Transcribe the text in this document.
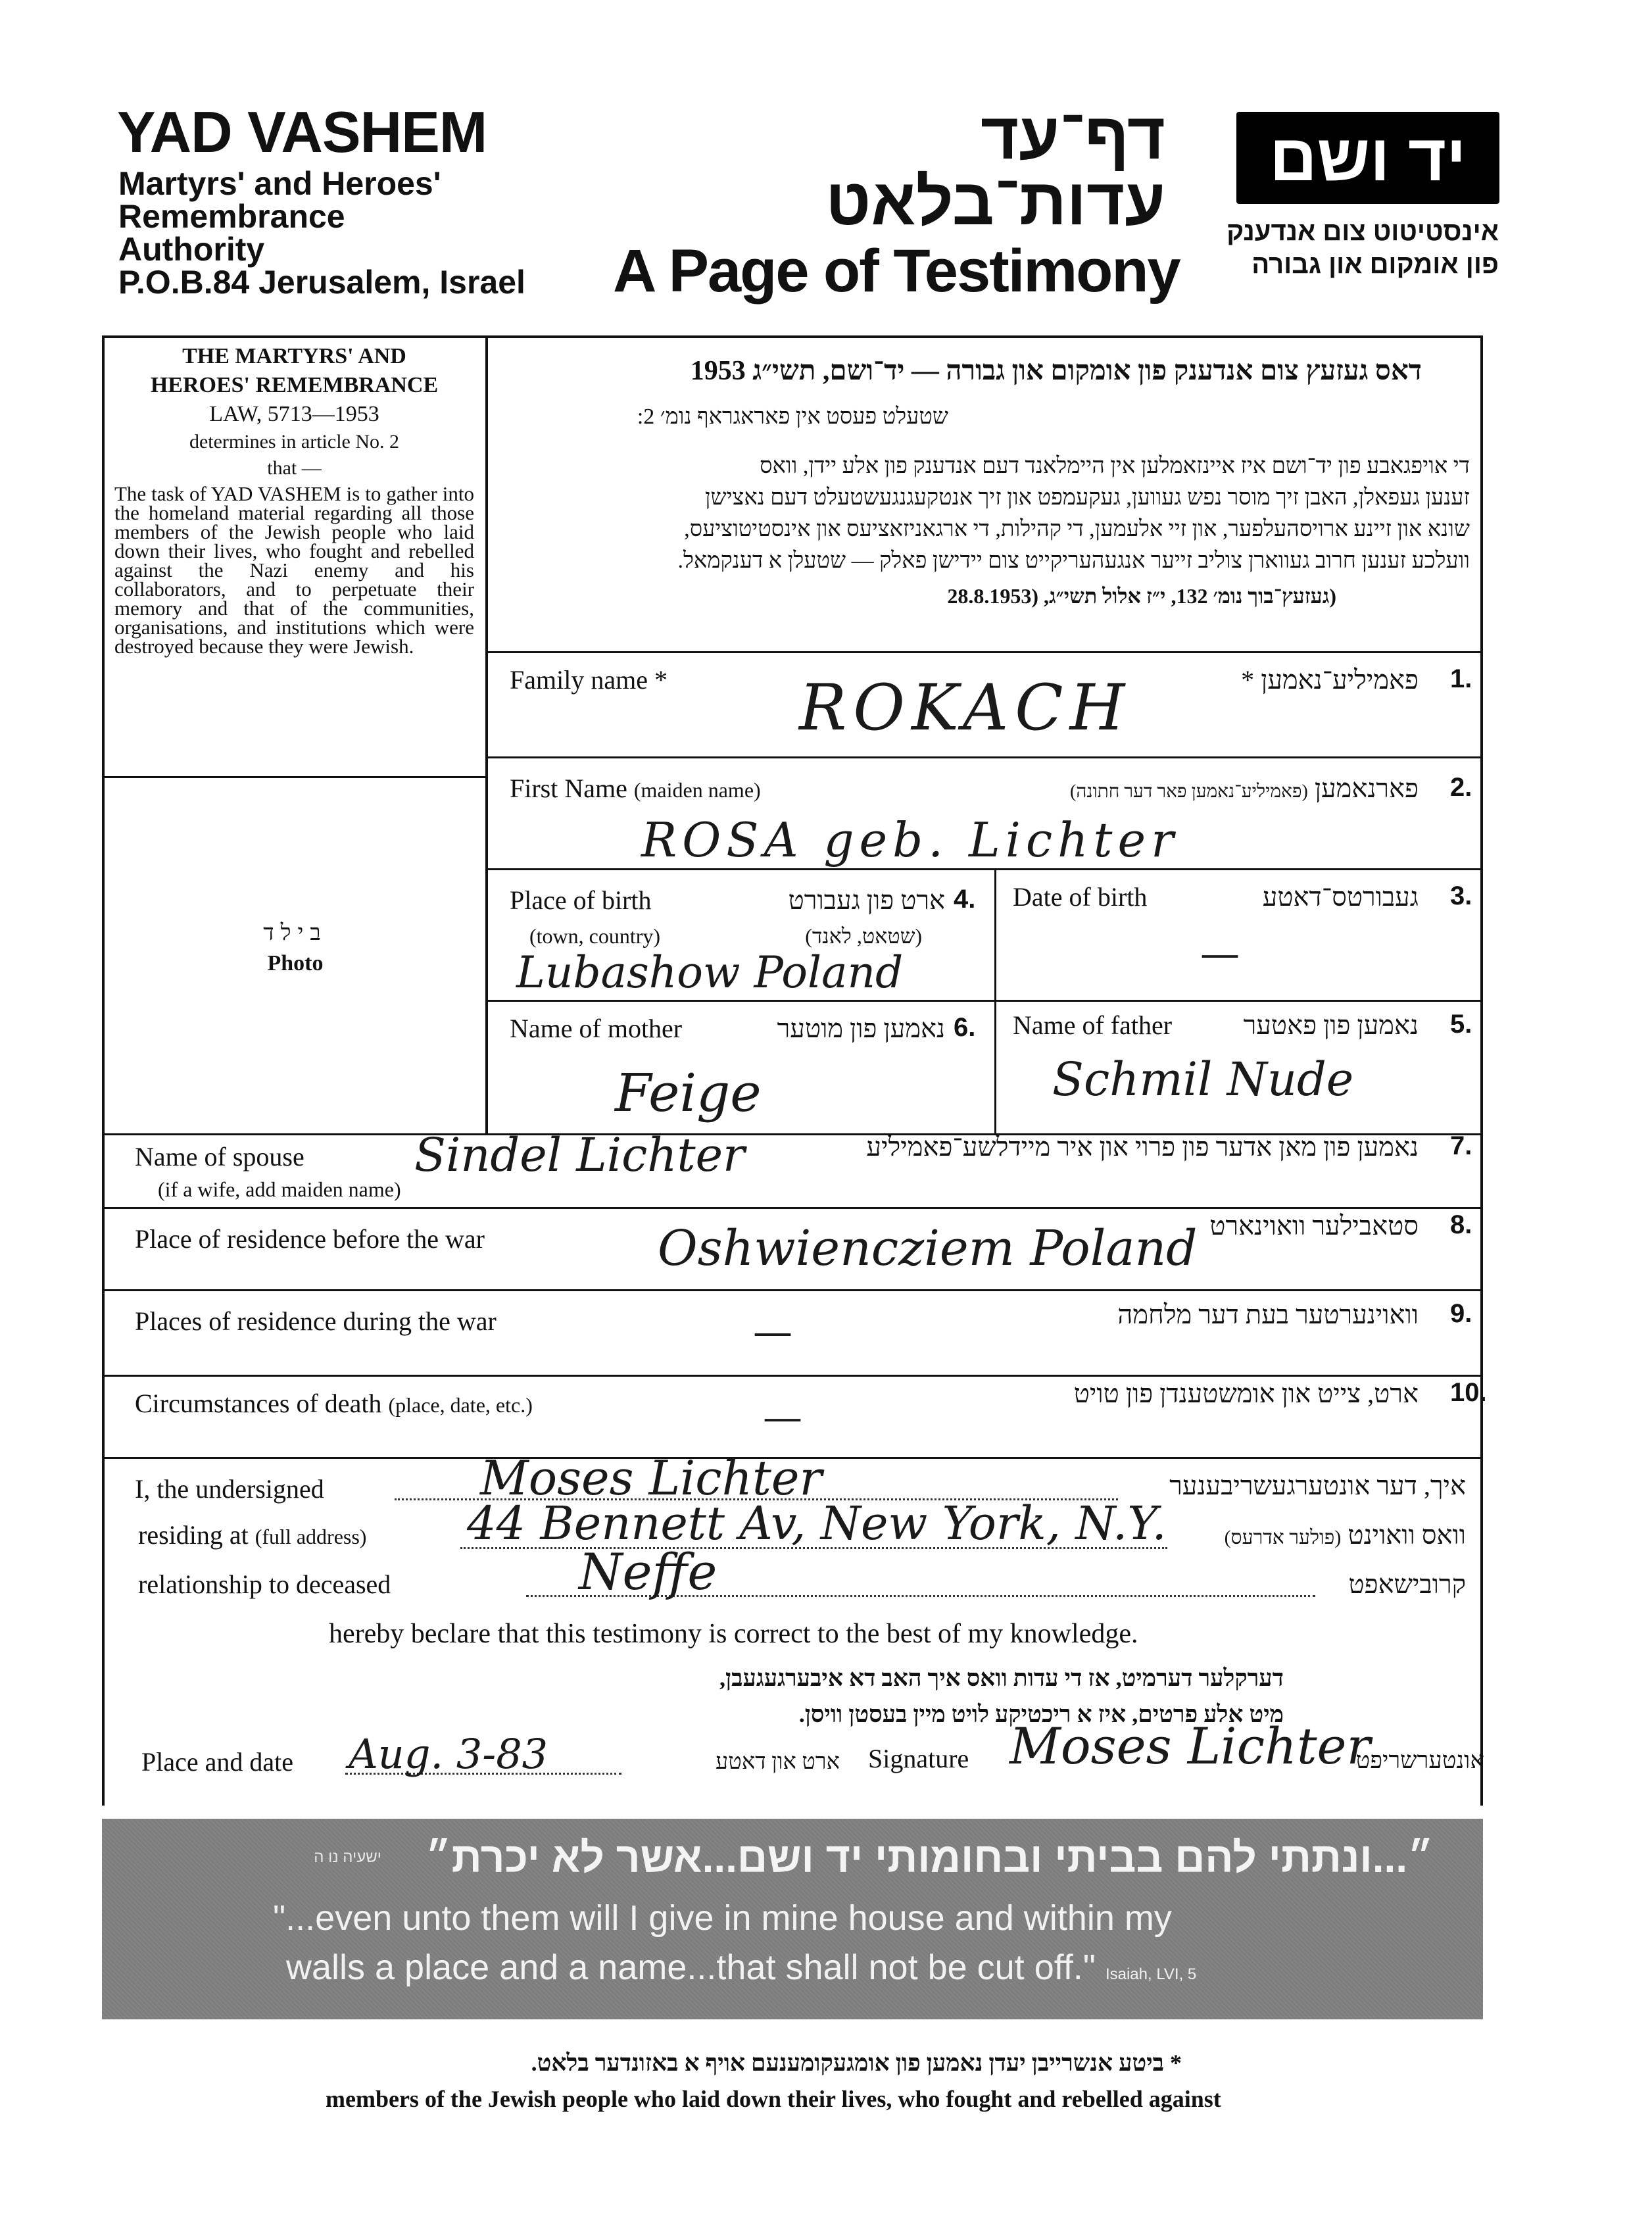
YAD VASHEM
Martyrs' and Heroes'
Remembrance
Authority
P.O.B.84 Jerusalem, Israel
דף־עד
עדות־בלאט
A Page of Testimony
יד ושם
אינסטיטוט צום אנדענק
פון אומקום און גבורה
THE MARTYRS' AND
HEROES' REMEMBRANCE
LAW, 5713—1953
determines in article No. 2
that —
The task of YAD VASHEM is to gather into the homeland material regarding all those members of the Jewish people who laid down their lives, who fought and rebelled against the Nazi enemy and his collaborators, and to perpetuate their memory and that of the communities, organisations, and institutions which were destroyed because they were Jewish.
בילד
Photo
דאס געזעץ צום אנדענק פון אומקום און גבורה — יד־ושם, תשי״ג 1953
שטעלט פעסט אין פאראגראף נומ׳ 2:
די אויפגאבע פון יד־ושם איז איינזאמלען אין היימלאנד דעם אנדענק פון אלע יידן, וואס
זענען געפאלן, האבן זיך מוסר נפש געווען, געקעמפט און זיך אנטקעגנגעשטעלט דעם נאצישן
שונא און זיינע ארויסהעלפער, און זיי אלעמען, די קהילות, די ארגאניזאציעס און אינסטיטוציעס,
וועלכע זענען חרוב געווארן צוליב זייער אנגעהעריקייט צום יידישן פאלק — שטעלן א דענקמאל.
(געזעץ־בוך נומ׳ 132, י״ז אלול תשי״ג, (28.8.1953
Family name *	פאמיליע־נאמען * 1.
ROKACH
First Name (maiden name)	פארנאמען (פאמיליע־נאמען פאר דער חתונה)	2.
ROSA geb. Lichter
Place of birth	ארט פון געבורט 4.
(town, country)	(שטאט, לאנד)
Lubashow Poland
Date of birth	געבורטס־דאטע 3.
—
Name of mother	נאמען פון מוטער 6.
Feige
Name of father	נאמען פון פאטער 5.
Schmil Nude
Name of spouse
(if a wife, add maiden name)
נאמען פון מאן אדער פון פרוי און איר מיידלשע־פאמיליע 7.
Sindel Lichter
Place of residence before the war	סטאבילער וואוינארט 8.
Oshwiencziem Poland
Places of residence during the war	וואוינערטער בעת דער מלחמה 9.
—
Circumstances of death (place, date, etc.)	ארט, צייט און אומשטענדן פון טויט 10.
—
I, the undersigned	Moses Lichter	איך, דער אונטערגעשריבענער
residing at (full address) 44 Bennett Av, New York, N.Y.	וואס וואוינט (פולער אדרעס)
relationship to deceased	Neffe	קרובישאפט
hereby beclare that this testimony is correct to the best of my knowledge.
דערקלער דערמיט, אז די עדות וואס איך האב דא איבערגעגעבן,
מיט אלע פרטים, איז א ריכטיקע לויט מיין בעסטן וויסן.
Place and date Aug. 3-83	ארט און דאטע Signature Moses Lichter
אונטערשריפט
״...ונתתי להם בביתי ובחומותי יד ושם...אשר לא יכרת״
ישעיה נו ה
"...even unto them will I give in mine house and within my
walls a place and a name...that shall not be cut off." Isaiah, LVI, 5
* ביטע אנשרייבן יעדן נאמען פון אומגעקומענעם אויף א באזונדער בלאט.
members of the Jewish people who laid down their lives, who fought and rebelled against
